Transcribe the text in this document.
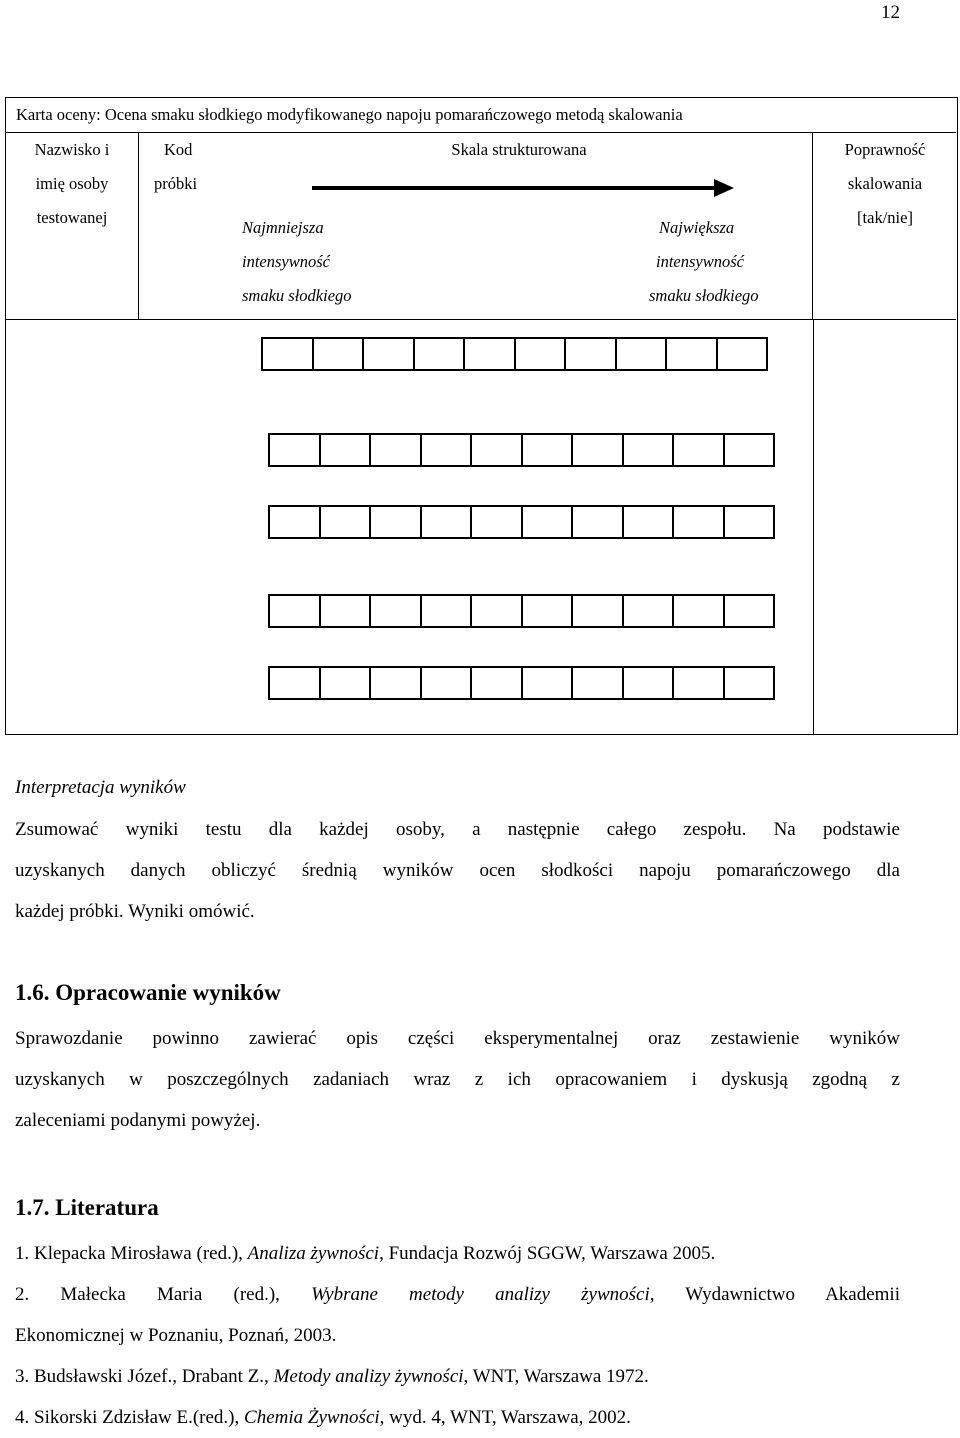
12
Karta oceny: Ocena smaku słodkiego modyfikowanego napoju pomarańczowego metodą skalowania
Nazwisko i
imię osoby
testowanej
Kod
próbki
Skala strukturowana
Najmniejsza
intensywność
smaku słodkiego
Największa
intensywność
smaku słodkiego
Poprawność
skalowania
[tak/nie]
Interpretacja wyników
Zsumować wyniki testu dla każdej osoby, a następnie całego zespołu. Na podstawie
uzyskanych danych obliczyć średnią wyników ocen słodkości napoju pomarańczowego dla
każdej próbki. Wyniki omówić.
1.6. Opracowanie wyników
Sprawozdanie powinno zawierać opis części eksperymentalnej oraz zestawienie wyników
uzyskanych w poszczególnych zadaniach wraz z ich opracowaniem i dyskusją zgodną z
zaleceniami podanymi powyżej.
1.7. Literatura
1. Klepacka Mirosława (red.), Analiza żywności, Fundacja Rozwój SGGW, Warszawa 2005.
2. Małecka Maria (red.), Wybrane metody analizy żywności, Wydawnictwo Akademii
Ekonomicznej w Poznaniu, Poznań, 2003.
3. Budsławski Józef., Drabant Z., Metody analizy żywności, WNT, Warszawa 1972.
4. Sikorski Zdzisław E.(red.), Chemia Żywności, wyd. 4, WNT, Warszawa, 2002.
